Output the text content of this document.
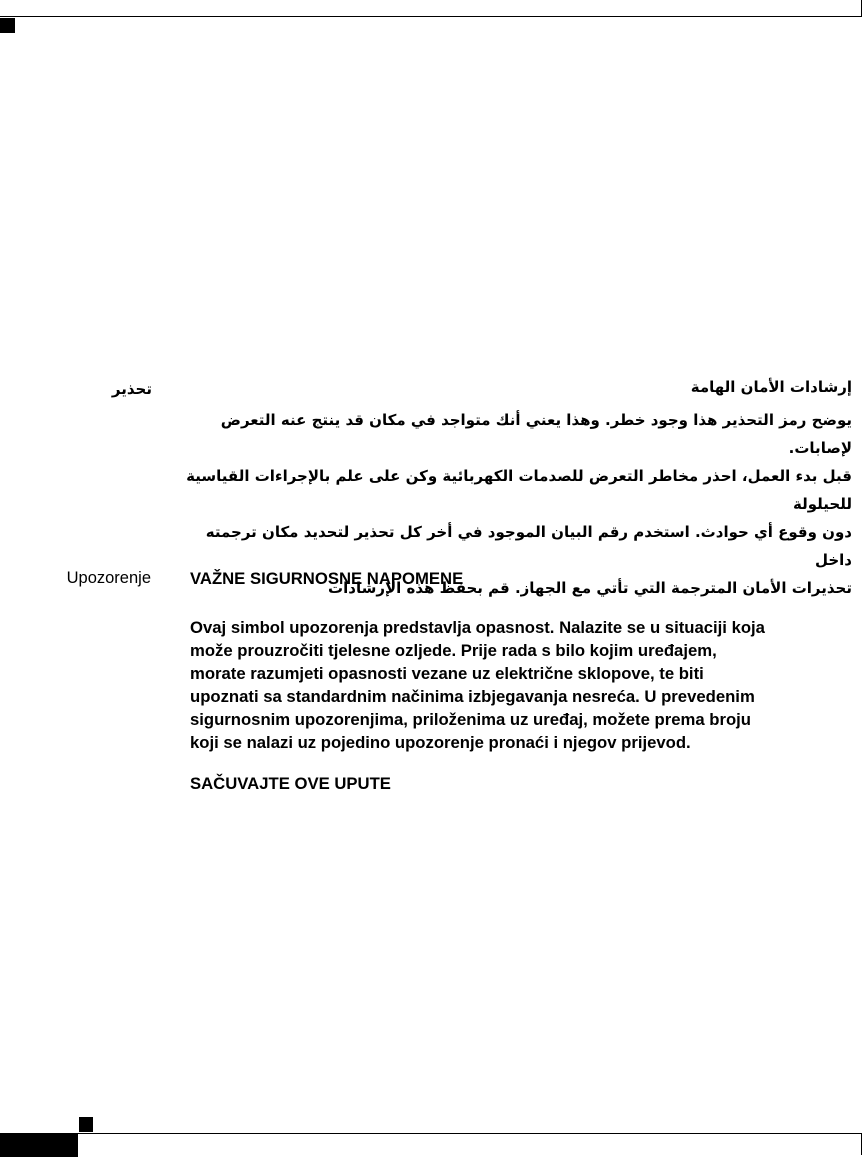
تحذير	إرشادات الأمان الهامة

يوضح رمز التحذير هذا وجود خطر. وهذا يعني أنك متواجد في مكان قد ينتج عنه التعرض لإصابات.

قبل بدء العمل، احذر مخاطر التعرض للصدمات الكهربائية وكن على علم بالإجراءات القياسية للحيلولة

دون وقوع أي حوادث. استخدم رقم البيان الموجود في أخر كل تحذير لتحديد مكان ترجمته داخل

تحذيرات الأمان المترجمة التي تأتي مع الجهاز. قم بحفظ هذه الإرشادات

Upozorenje VAŽNE SIGURNOSNE NAPOMENE

Ovaj simbol upozorenja predstavlja opasnost. Nalazite se u situaciji koja
može prouzročiti tjelesne ozljede. Prije rada s bilo kojim uređajem,
morate razumjeti opasnosti vezane uz električne sklopove, te biti
upoznati sa standardnim načinima izbjegavanja nesreća. U prevedenim
sigurnosnim upozorenjima, priloženima uz uređaj, možete prema broju
koji se nalazi uz pojedino upozorenje pronaći i njegov prijevod.

SAČUVAJTE OVE UPUTE
